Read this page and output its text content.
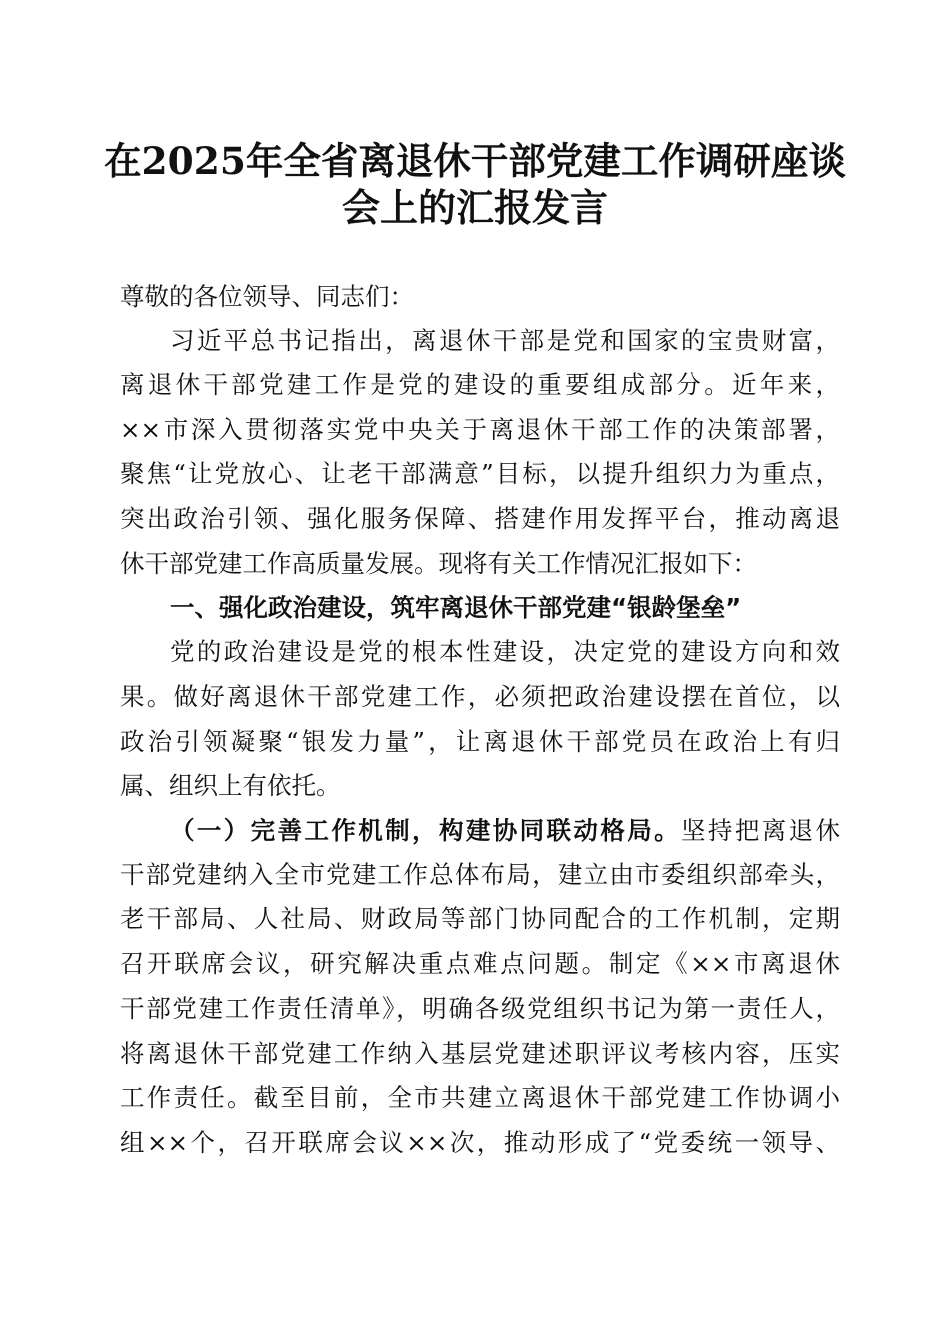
在2025年全省离退休干部党建工作调研座谈
会上的汇报发言
尊敬的各位领导、同志们：
习近平总书记指出，离退休干部是党和国家的宝贵财富，
离退休干部党建工作是党的建设的重要组成部分。近年来，
××市深入贯彻落实党中央关于离退休干部工作的决策部署，
聚焦“让党放心、让老干部满意”目标，以提升组织力为重点，
突出政治引领、强化服务保障、搭建作用发挥平台，推动离退
休干部党建工作高质量发展。现将有关工作情况汇报如下：
一、强化政治建设，筑牢离退休干部党建“银龄堡垒”
党的政治建设是党的根本性建设，决定党的建设方向和效
果。做好离退休干部党建工作，必须把政治建设摆在首位，以
政治引领凝聚“银发力量”，让离退休干部党员在政治上有归
属、组织上有依托。
（一）完善工作机制，构建协同联动格局。坚持把离退休
干部党建纳入全市党建工作总体布局，建立由市委组织部牵头，
老干部局、人社局、财政局等部门协同配合的工作机制，定期
召开联席会议，研究解决重点难点问题。制定《××市离退休
干部党建工作责任清单》，明确各级党组织书记为第一责任人，
将离退休干部党建工作纳入基层党建述职评议考核内容，压实
工作责任。截至目前，全市共建立离退休干部党建工作协调小
组××个，召开联席会议××次，推动形成了“党委统一领导、
